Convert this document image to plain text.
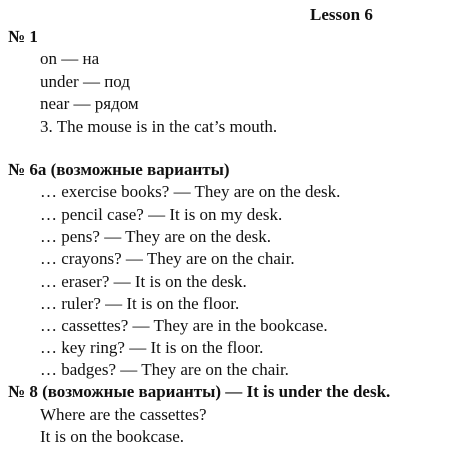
Lesson 6
№ 1
on — на
under — под
near — рядом
3. The mouse is in the cat’s mouth.
№ 6a (возможные варианты)
… exercise books? — They are on the desk.
… pencil case? — It is on my desk.
… pens? — They are on the desk.
… crayons? — They are on the chair.
… eraser? — It is on the desk.
… ruler? — It is on the floor.
… cassettes? — They are in the bookcase.
… key ring? — It is on the floor.
… badges? — They are on the chair.
№ 8 (возможные варианты) — It is under the desk.
Where are the cassettes?
It is on the bookcase.
